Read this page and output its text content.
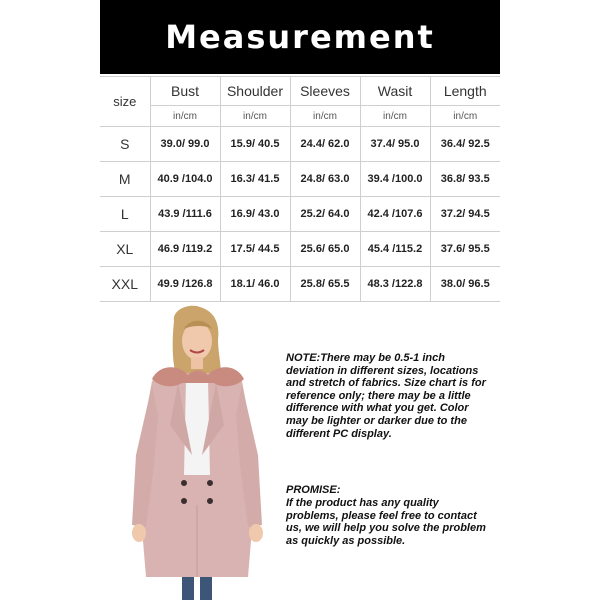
Measurement
size	Bust	Shoulder	Sleeves	Wasit	Length
	in/cm	in/cm	in/cm	in/cm	in/cm
S	39.0/ 99.0	15.9/ 40.5	24.4/ 62.0	37.4/ 95.0	36.4/ 92.5
M	40.9 /104.0	16.3/ 41.5	24.8/ 63.0	39.4 /100.0	36.8/ 93.5
L	43.9 /111.6	16.9/ 43.0	25.2/ 64.0	42.4 /107.6	37.2/ 94.5
XL	46.9 /119.2	17.5/ 44.5	25.6/ 65.0	45.4 /115.2	37.6/ 95.5
XXL	49.9 /126.8	18.1/ 46.0	25.8/ 65.5	48.3 /122.8	38.0/ 96.5
NOTE:There may be 0.5-1 inch deviation in different sizes, locations and stretch of fabrics. Size chart is for reference only; there may be a little difference with what you get. Color may be lighter or darker due to the different PC display.
PROMISE:
If the product has any quality problems, please feel free to contact us, we will help you solve the problem as quickly as possible.
